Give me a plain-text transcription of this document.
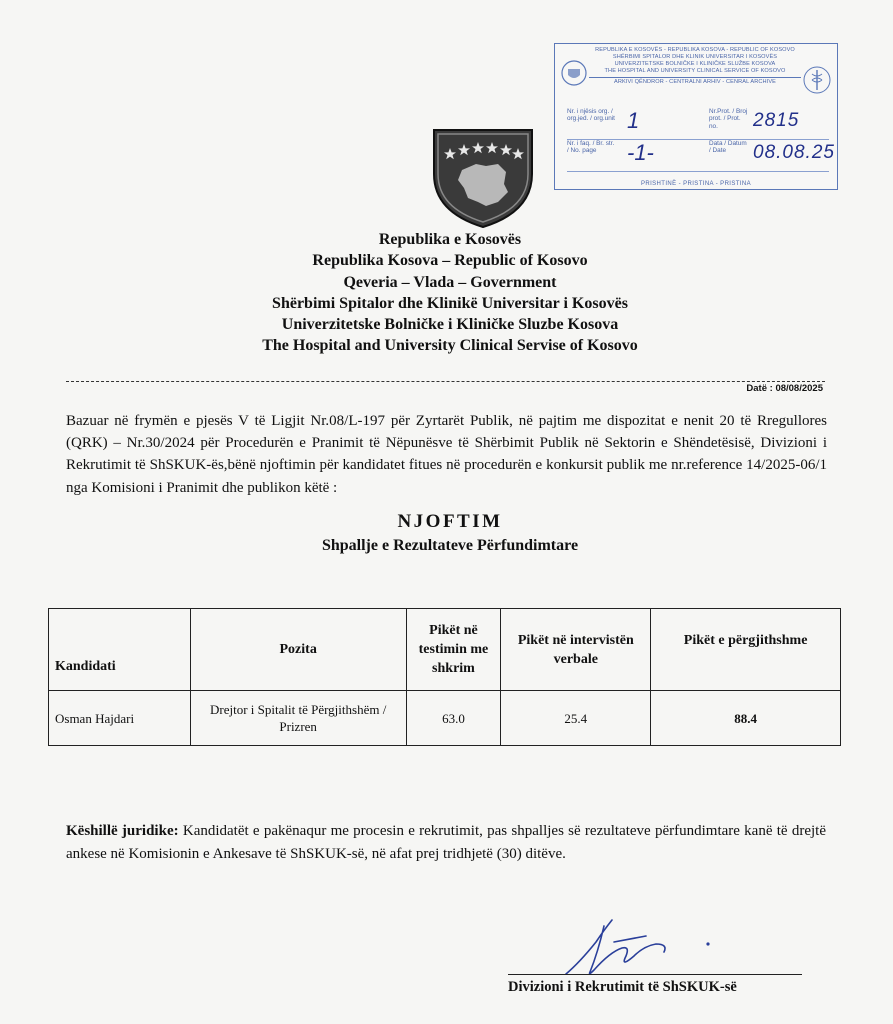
REPUBLIKA E KOSOVËS - REPUBLIKA KOSOVA - REPUBLIC OF KOSOVO
SHËRBIMI SPITALOR DHE KLINIK UNIVERSITAR I KOSOVËS
UNIVERZITETSKE BOLNIČKE I KLINIČKE SLUŽBE KOSOVA
THE HOSPITAL AND UNIVERSITY CLINICAL SERVICE OF KOSOVO
ARKIVI QËNDROR - CENTRALNI ARHIV - CENRAL ARCHIVE
Nr. i njësis org. / org.jed. / org.unit 1	Nr.Prot. / Broj prot. / Prot. no.	2815
Nr. i faq. / Br. str. / No. page	-1-	Data / Datum / Date	08.08.25
PRISHTINË - PRISTINA - PRISTINA
Republika e Kosovës
Republika Kosova – Republic of Kosovo
Qeveria – Vlada – Government
Shërbimi Spitalor dhe Klinikë Universitar i Kosovës
Univerzitetske Bolničke i Kliničke Sluzbe Kosova
The Hospital and University Clinical Servise of Kosovo
Datë : 08/08/2025

Bazuar në frymën e pjesës V të Ligjit Nr.08/L-197 për Zyrtarët Publik, në pajtim me dispozitat e nenit 20 të Rregullores (QRK) – Nr.30/2024 për Procedurën e Pranimit të Nëpunësve të Shërbimit Publik në Sektorin e Shëndetësisë, Divizioni i Rekrutimit të ShSKUK-ës,bënë njoftimin për kandidatet fitues në procedurën e konkursit publik me nr.reference 14/2025-06/1 nga Komisioni i Pranimit dhe publikon këtë :

NJOFTIM
Shpallje e Rezultateve Përfundimtare
Kandidati	Pozita	Pikët në testimin me shkrim	Pikët në intervistën verbale	Pikët e përgjithshme
Osman Hajdari	Drejtor i Spitalit të Përgjithshëm / Prizren	63.0	25.4	88.4

Këshillë juridike: Kandidatët e pakënaqur me procesin e rekrutimit, pas shpalljes së rezultateve përfundimtare kanë të drejtë ankese në Komisionin e Ankesave të ShSKUK-së, në afat prej tridhjetë (30) ditëve.

Divizioni i Rekrutimit të ShSKUK-së
